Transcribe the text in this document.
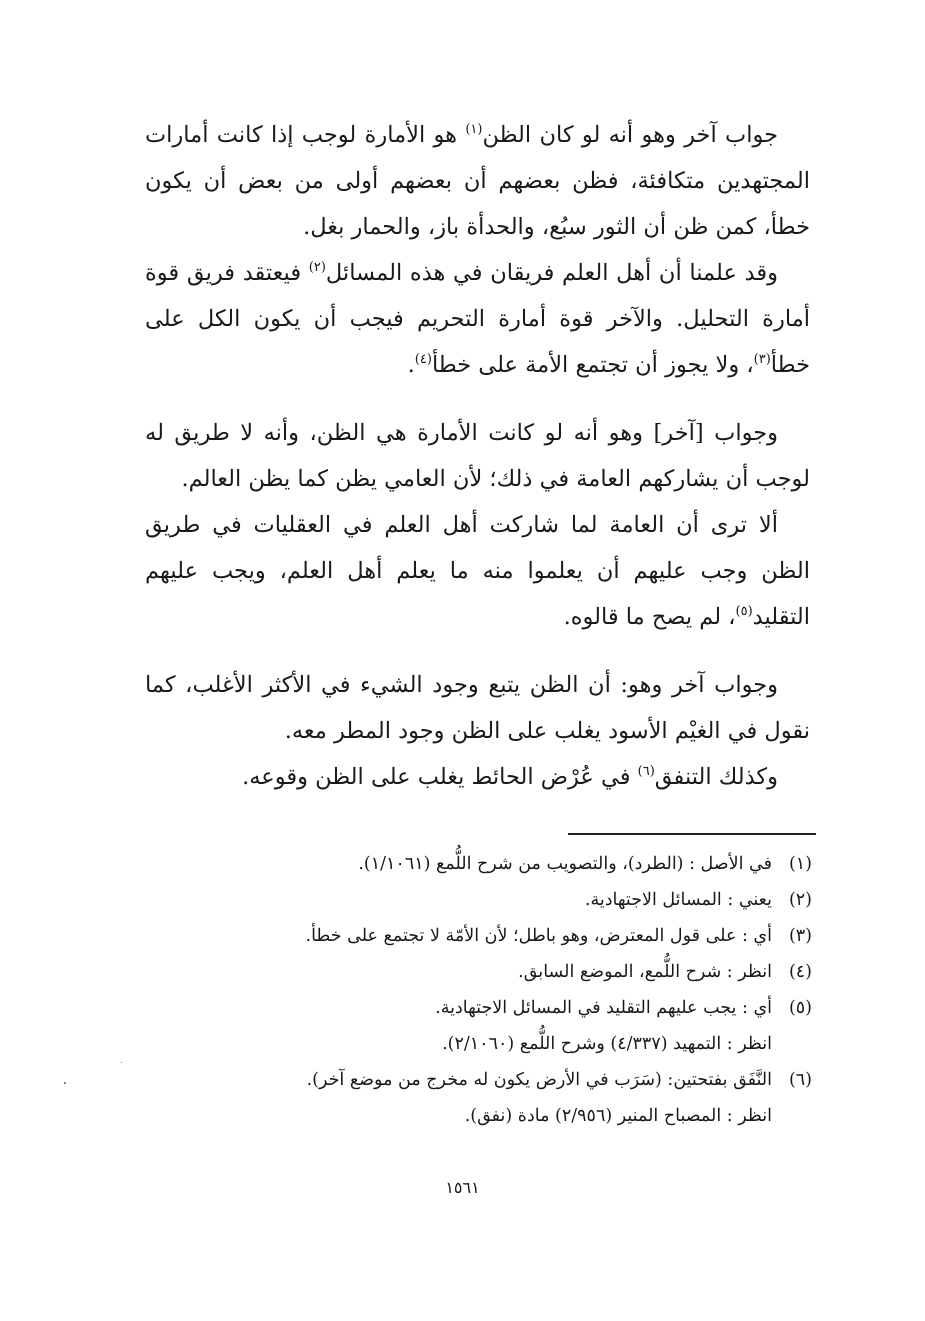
جواب آخر وهو أنه لو كان الظن$^{(١)}$ هو الأمارة لوجب إذا كانت أمارات المجتهدين متكافئة، فظن بعضهم أن بعضهم أولى من بعض أن يكون خطأ، كمن ظن أن الثور سبُع، والحدأة باز، والحمار بغل.

وقد علمنا أن أهل العلم فريقان في هذه المسائل$^{(٢)}$ فيعتقد فريق قوة أمارة التحليل. والآخر قوة أمارة التحريم فيجب أن يكون الكل على خطأ$^{(٣)}$، ولا يجوز أن تجتمع الأمة على خطأ$^{(٤)}$.

وجواب [آخر] وهو أنه لو كانت الأمارة هي الظن، وأنه لا طريق له لوجب أن يشاركهم العامة في ذلك؛ لأن العامي يظن كما يظن العالم.

ألا ترى أن العامة لما شاركت أهل العلم في العقليات في طريق الظن وجب عليهم أن يعلموا منه ما يعلم أهل العلم، ويجب عليهم التقليد$^{(٥)}$، لم يصح ما قالوه.

وجواب آخر وهو: أن الظن يتبع وجود الشيء في الأكثر الأغلب، كما نقول في الغيْم الأسود يغلب على الظن وجود المطر معه.

وكذلك التنفق$^{(٦)}$ في عُرْض الحائط يغلب على الظن وقوعه.

(١)
في الأصل : (الطرد)، والتصويب من شرح اللُّمع (١/١٠٦١).
(٢)
يعني : المسائل الاجتهادية.
(٣)
أي : على قول المعترض، وهو باطل؛ لأن الأمّة لا تجتمع على خطأ.
(٤)
انظر : شرح اللُّمع، الموضع السابق.
(٥)
أي : يجب عليهم التقليد في المسائل الاجتهادية.
انظر : التمهيد (٤/٣٣٧) وشرح اللُّمع (٢/١٠٦٠).
(٦)
النَّفَق بفتحتين: (سَرَب في الأرض يكون له مخرج من موضع آخر).
انظر : المصباح المنير (٢/٩٥٦) مادة (نفق).
١٥٦١
